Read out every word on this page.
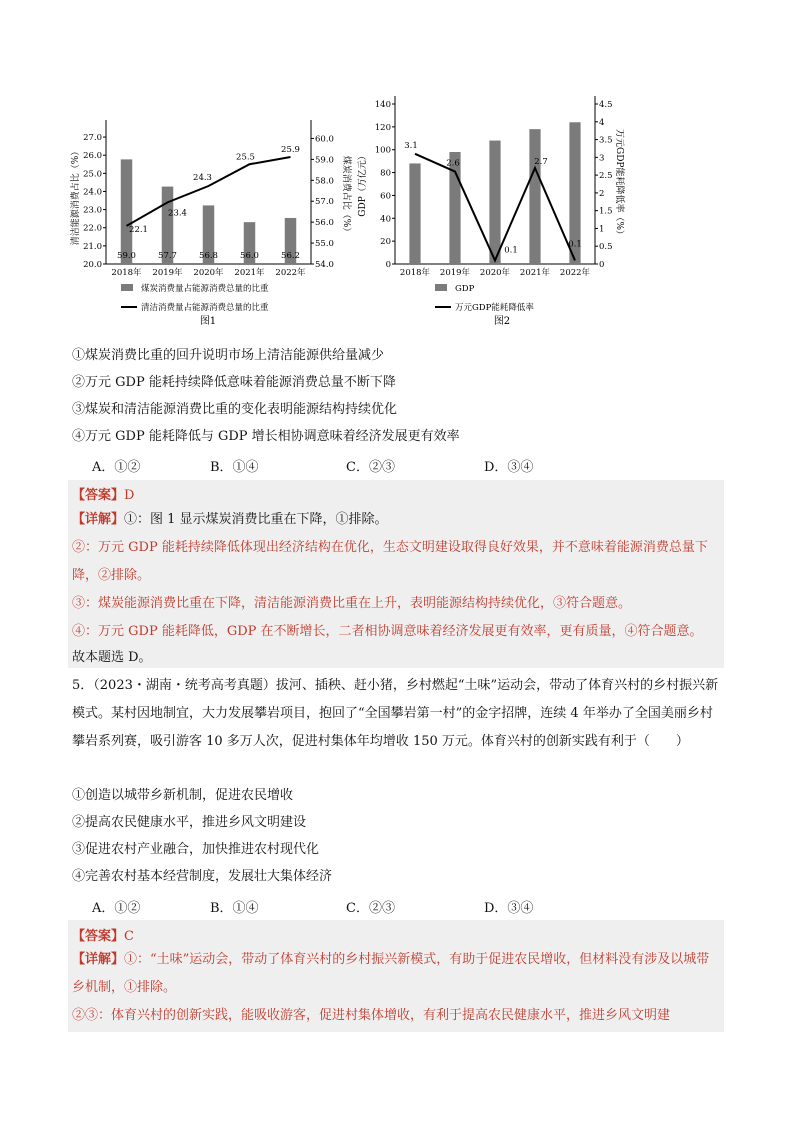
20.0
21.0
22.0
23.0
24.0
25.0
26.0
27.0
54.0
55.0
56.0
57.0
58.0
59.0
60.0
清洁能源消费占比（%）	煤炭消费占比（%）
59.0	57.7	56.8	56.0	56.2
22.1
23.4
24.3
25.5
25.9
2018年 2019年 2020年 2021年 2022年
煤炭消费量占能源消费总量的比重
清洁消费量占能源消费总量的比重
图1
0
20
40
60
80
100
120
140
0
0.5
1
1.5
2
2.5
3
3.5
4
4.5
GDP（万亿元）	万元GDP能耗降低率（%）
3.1
2.6
0.1
2.7
0.1
2018年 2019年 2020年 2021年 2022年
GDP
万元GDP能耗降低率
图2
①煤炭消费比重的回升说明市场上清洁能源供给量减少
②万元 GDP 能耗持续降低意味着能源消费总量不断下降
③煤炭和清洁能源消费比重的变化表明能源结构持续优化
④万元 GDP 能耗降低与 GDP 增长相协调意味着经济发展更有效率
A．①②	B．①④	C．②③	D．③④
【答案】D
【详解】①：图 1 显示煤炭消费比重在下降，①排除。
②：万元 GDP 能耗持续降低体现出经济结构在优化，生态文明建设取得良好效果，并不意味着能源消费总量下降，②排除。
③：煤炭能源消费比重在下降，清洁能源消费比重在上升，表明能源结构持续优化，③符合题意。
④：万元 GDP 能耗降低，GDP 在不断增长，二者相协调意味着经济发展更有效率，更有质量，④符合题意。
故本题选 D。
5．（2023・湖南・统考高考真题）拔河、插秧、赶小猪，乡村燃起“土味”运动会，带动了体育兴村的乡村振兴新模式。某村因地制宜，大力发展攀岩项目，抱回了“全国攀岩第一村”的金字招牌，连续 4 年举办了全国美丽乡村攀岩系列赛，吸引游客 10 多万人次，促进村集体年均增收 150 万元。体育兴村的创新实践有利于（　　）
①创造以城带乡新机制，促进农民增收
②提高农民健康水平，推进乡风文明建设
③促进农村产业融合，加快推进农村现代化
④完善农村基本经营制度，发展壮大集体经济
A．①②	B．①④	C．②③	D．③④
【答案】C
【详解】①：“土味”运动会，带动了体育兴村的乡村振兴新模式，有助于促进农民增收，但材料没有涉及以城带乡机制，①排除。
②③：体育兴村的创新实践，能吸收游客，促进村集体增收，有利于提高农民健康水平，推进乡风文明建
